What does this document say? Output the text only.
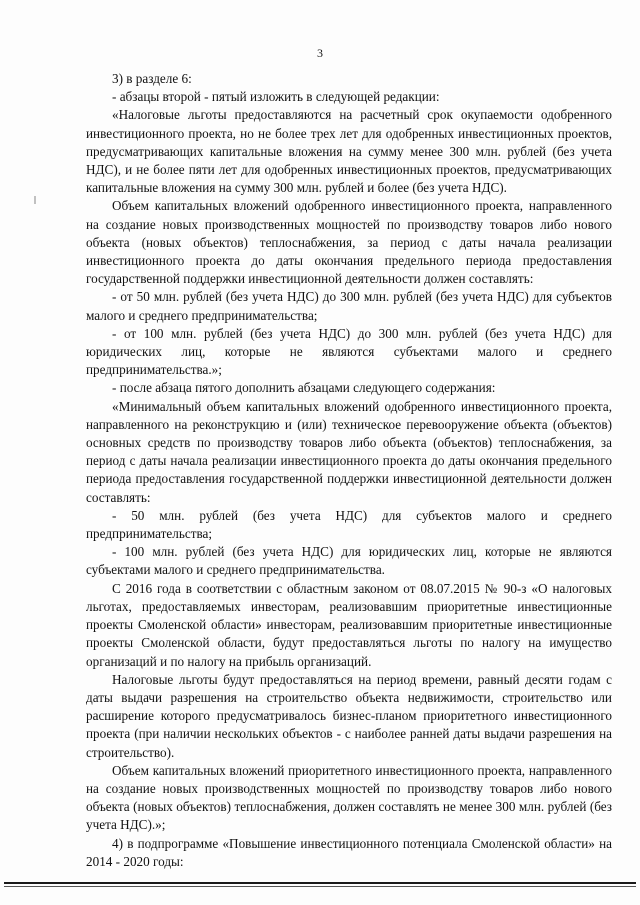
3

3) в разделе 6:

- абзацы второй - пятый изложить в следующей редакции:

«Налоговые льготы предоставляются на расчетный срок окупаемости одобренного инвестиционного проекта, но не более трех лет для одобренных инвестиционных проектов, предусматривающих капитальные вложения на сумму менее 300 млн. рублей (без учета НДС), и не более пяти лет для одобренных инвестиционных проектов, предусматривающих капитальные вложения на сумму 300 млн. рублей и более (без учета НДС).

Объем капитальных вложений одобренного инвестиционного проекта, направленного на создание новых производственных мощностей по производству товаров либо нового объекта (новых объектов) теплоснабжения, за период с даты начала реализации инвестиционного проекта до даты окончания предельного периода предоставления государственной поддержки инвестиционной деятельности должен составлять:

- от 50 млн. рублей (без учета НДС) до 300 млн. рублей (без учета НДС) для субъектов малого и среднего предпринимательства;

- от 100 млн. рублей (без учета НДС) до 300 млн. рублей (без учета НДС) для юридических лиц, которые не являются субъектами малого и среднего предпринимательства.»;

- после абзаца пятого дополнить абзацами следующего содержания:

«Минимальный объем капитальных вложений одобренного инвестиционного проекта, направленного на реконструкцию и (или) техническое перевооружение объекта (объектов) основных средств по производству товаров либо объекта (объектов) теплоснабжения, за период с даты начала реализации инвестиционного проекта до даты окончания предельного периода предоставления государственной поддержки инвестиционной деятельности должен составлять:

- 50 млн. рублей (без учета НДС) для субъектов малого и среднего предпринимательства;

- 100 млн. рублей (без учета НДС) для юридических лиц, которые не являются субъектами малого и среднего предпринимательства.

С 2016 года в соответствии с областным законом от 08.07.2015 № 90-з «О налоговых льготах, предоставляемых инвесторам, реализовавшим приоритетные инвестиционные проекты Смоленской области» инвесторам, реализовавшим приоритетные инвестиционные проекты Смоленской области, будут предоставляться льготы по налогу на имущество организаций и по налогу на прибыль организаций.

Налоговые льготы будут предоставляться на период времени, равный десяти годам с даты выдачи разрешения на строительство объекта недвижимости, строительство или расширение которого предусматривалось бизнес-планом приоритетного инвестиционного проекта (при наличии нескольких объектов - с наиболее ранней даты выдачи разрешения на строительство).

Объем капитальных вложений приоритетного инвестиционного проекта, направленного на создание новых производственных мощностей по производству товаров либо нового объекта (новых объектов) теплоснабжения, должен составлять не менее 300 млн. рублей (без учета НДС).»;

4) в подпрограмме «Повышение инвестиционного потенциала Смоленской области» на 2014 - 2020 годы:
